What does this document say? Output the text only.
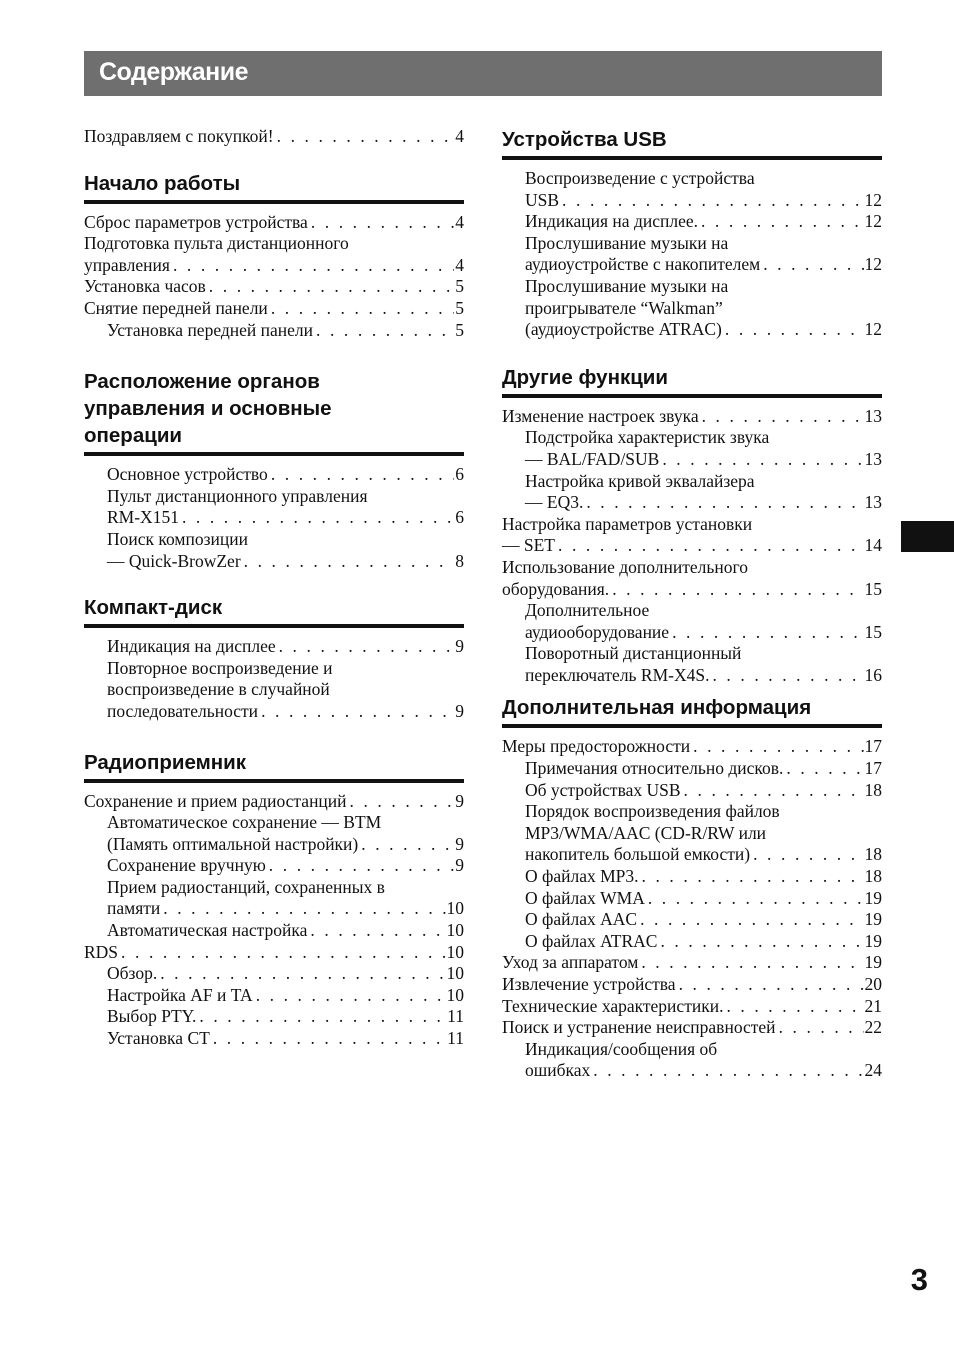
Содержание
Поздравляем с покупкой! . . .	4
Начало работы
Сброс параметров устройства . . .	4
Подготовка пульта дистанционного
управления . . .	4
Установка часов . . .	5
Снятие передней панели . . .	5
Установка передней панели . . .	5
Расположение органов
управления и основные
операции
Основное устройство . . .	6
Пульт дистанционного управления
RM-X151 . . .	6
Поиск композиции
— Quick-BrowZer . . .	8
Компакт-диск
Индикация на дисплее . . .	9
Повторное воспроизведение и
воспроизведение в случайной
последовательности . . .	9
Радиоприемник
Сохранение и прием радиостанций . . .	9
Автоматическое сохранение — BTM
(Память оптимальной настройки) . . .	9
Сохранение вручную . . .	9
Прием радиостанций, сохраненных в
памяти . . .	10
Автоматическая настройка . . .	10
RDS . . .	10
Обзор. . . .	10
Настройка AF и TA . . .	10
Выбор PTY. . . .	11
Установка CT . . .	11
Устройства USB
Воспроизведение с устройства
USB . . .	12
Индикация на дисплее. . . .	12
Прослушивание музыки на
аудиоустройстве с накопителем . . .	12
Прослушивание музыки на
проигрывателе “Walkman”
(аудиоустройстве ATRAC) . . .	12
Другие функции
Изменение настроек звука . . .	13
Подстройка характеристик звука
— BAL/FAD/SUB . . .	13
Настройка кривой эквалайзера
— EQ3. . . .	13
Настройка параметров установки
— SET . . .	14
Использование дополнительного
оборудования. . . .	15
Дополнительное
аудиооборудование . . .	15
Поворотный дистанционный
переключатель RM-X4S. . . .	16
Дополнительная информация
Меры предосторожности . . .	17
Примечания относительно дисков. . . .	17
Об устройствах USB . . .	18
Порядок воспроизведения файлов
MP3/WMA/AAC (CD-R/RW или
накопитель большой емкости) . . .	18
О файлах MP3. . . .	18
О файлах WMA . . .	19
О файлах AAC . . .	19
О файлах ATRAC . . .	19
Уход за аппаратом . . .	19
Извлечение устройства . . .	20
Технические характеристики. . . .	21
Поиск и устранение неисправностей . . .	22
Индикация/сообщения об
ошибках . . .	24
3
